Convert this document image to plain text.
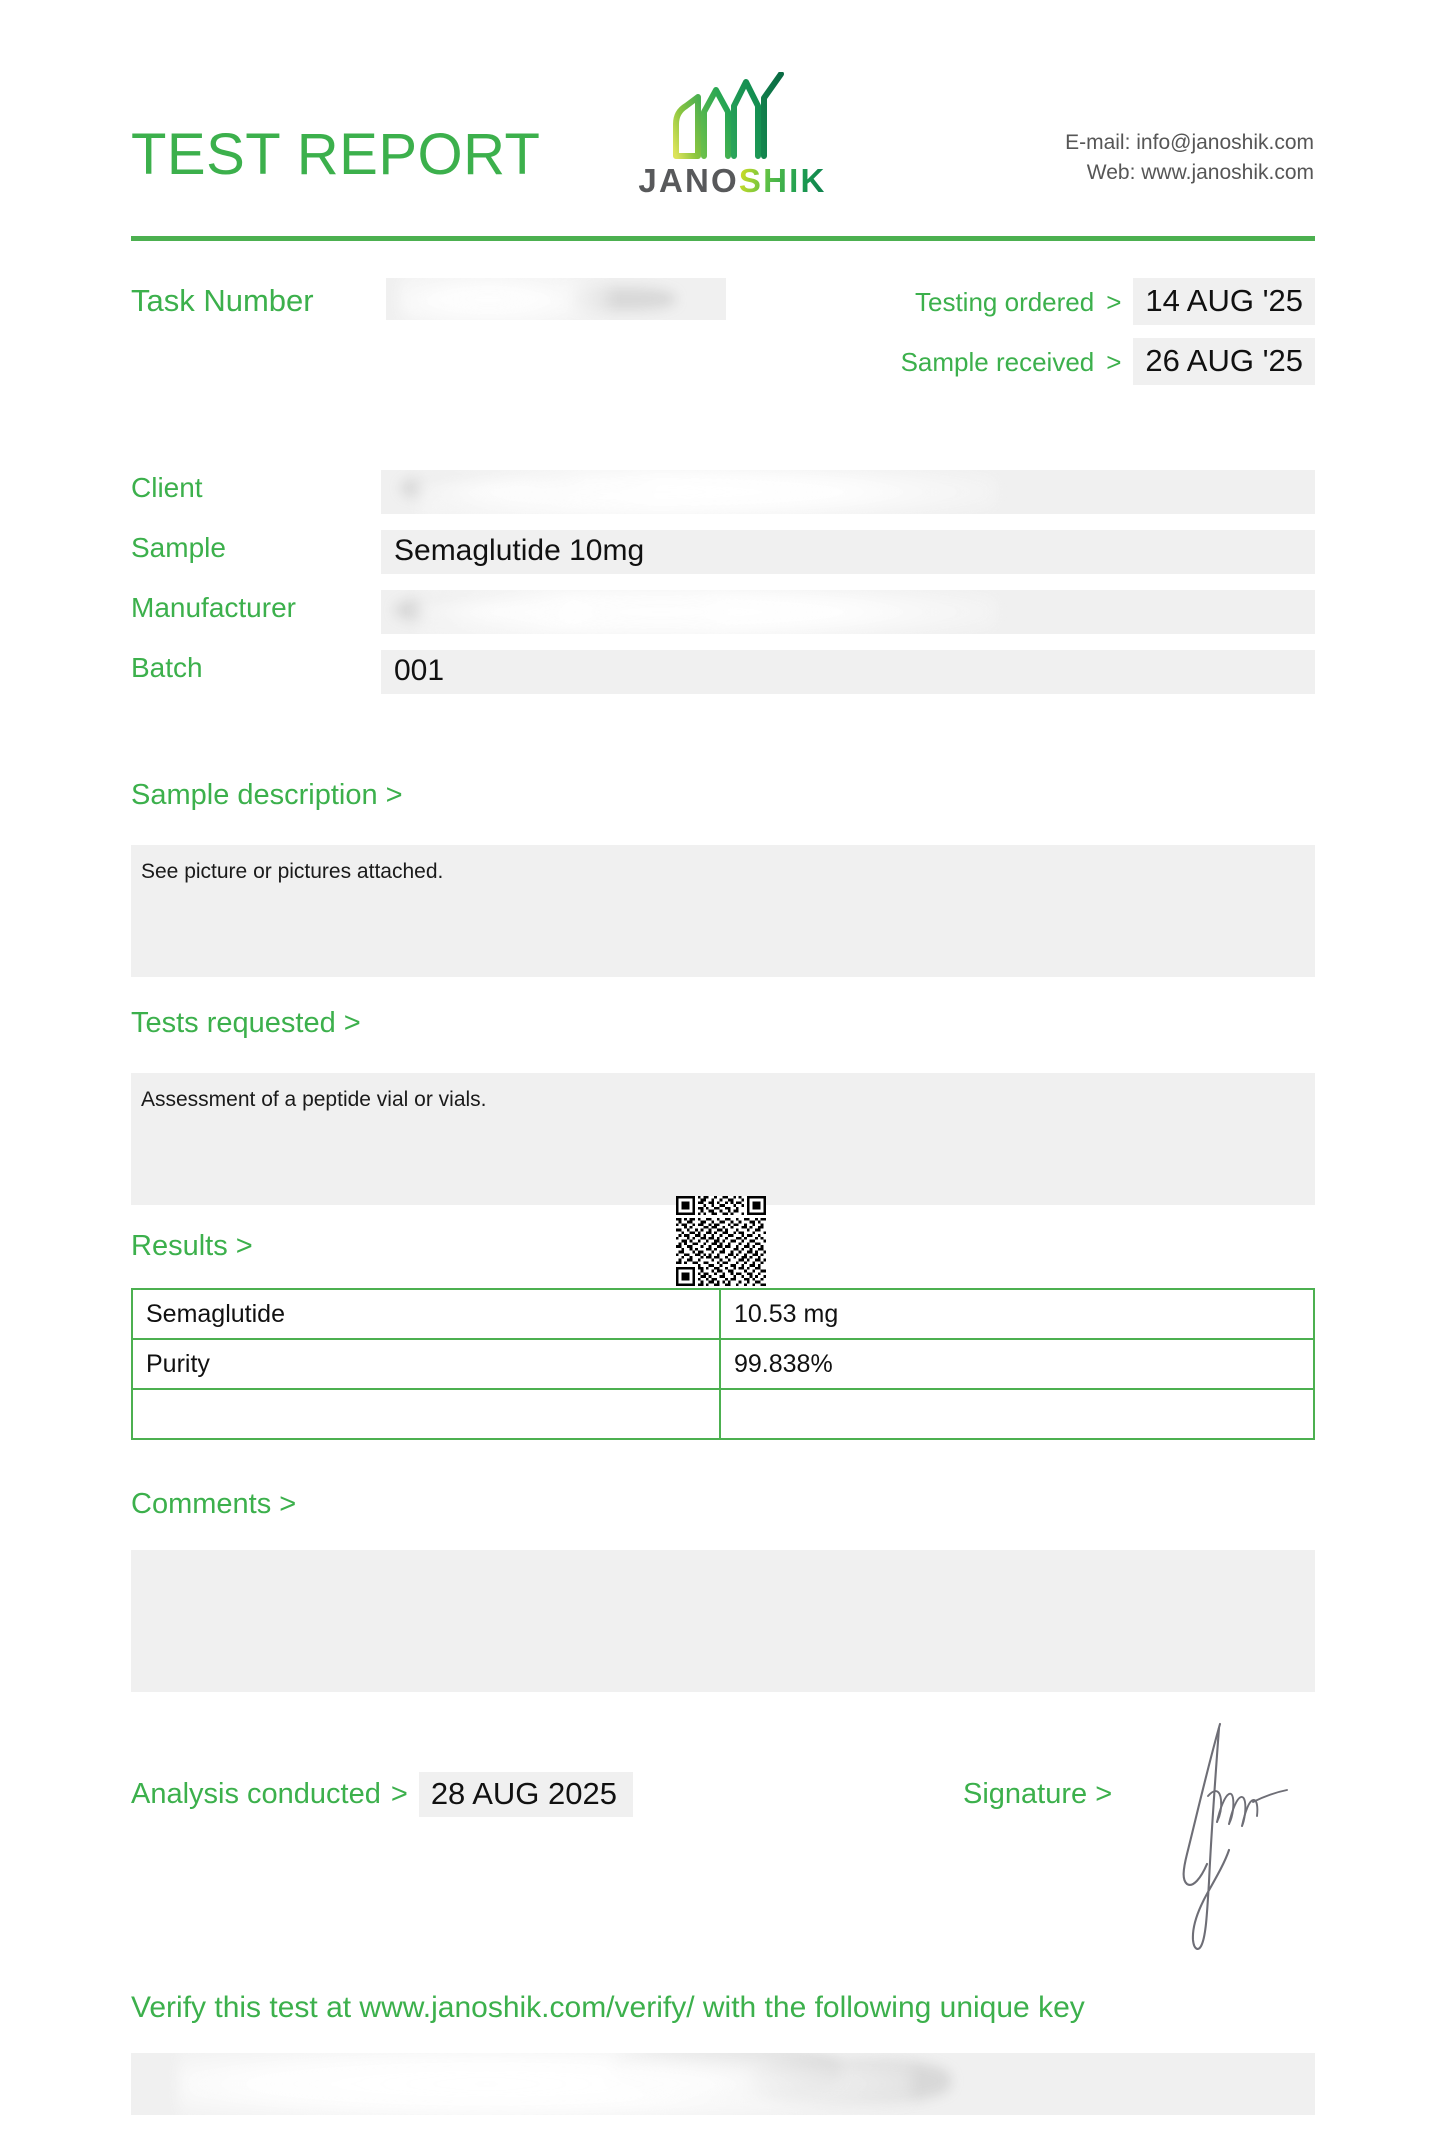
TEST REPORT	JANOSHIK
E-mail: info@janoshik.com
Web: www.janoshik.com
Task Number	Testing ordered > 14 AUG '25
Sample received > 26 AUG '25
Client
Sample	Semaglutide 10mg
Manufacturer
Batch	001
Sample description >
See picture or pictures attached.
Tests requested >
Assessment of a peptide vial or vials.
Results >
Semaglutide	10.53 mg
Purity	99.838%

Comments >
Analysis conducted > 28 AUG 2025	Signature >
Verify this test at www.janoshik.com/verify/ with the following unique key
